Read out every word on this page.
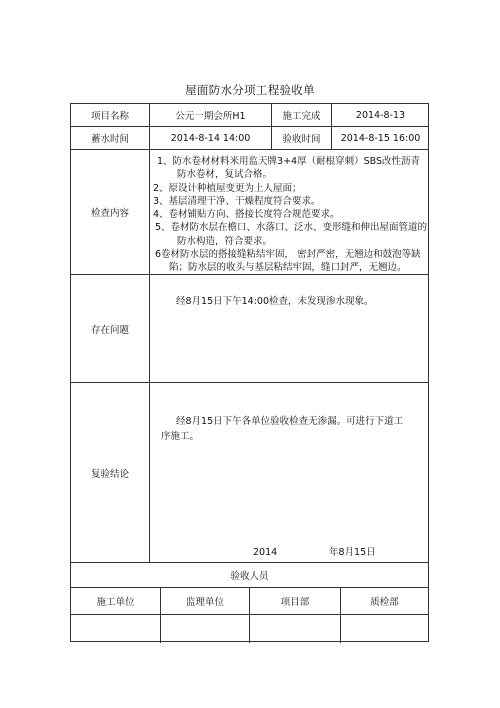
屋面防水分项工程验收单
项目名称	公元一期会所H1	施工完成	2014-8-13
蓄水时间	2014-8-14 14:00	验收时间	2014-8-15 16:00
检查内容
1、防水卷材材料米用监天牌3+4厚（耐根穿刺）SBS改性沥青
防水卷材，复试合格。
2、原设计种植屋变更为上人屋面；
3、基层清理干净、干燥程度符合要求。
4、卷材铺贴方向、搭接长度符合规范要求。
5、卷材防水层在檐口、水落口、泛水、变形缝和伸出屋面管道的
防水构造，符合要求。
6卷材防水层的搭接缝粘结牢固， 密封严密，无翘边和鼓泡等缺
陷；防水层的收头与基层粘结牢固，缝口封严，无翘边。
存在问题
经8月15日下午14:00检查，未发现渗水现象。
复验结论
经8月15日下午各单位验收检查无渗漏。可进行下道工
序施工。
2014	年8月15日
验收人员
施工单位	监理单位	项目部	质检部
